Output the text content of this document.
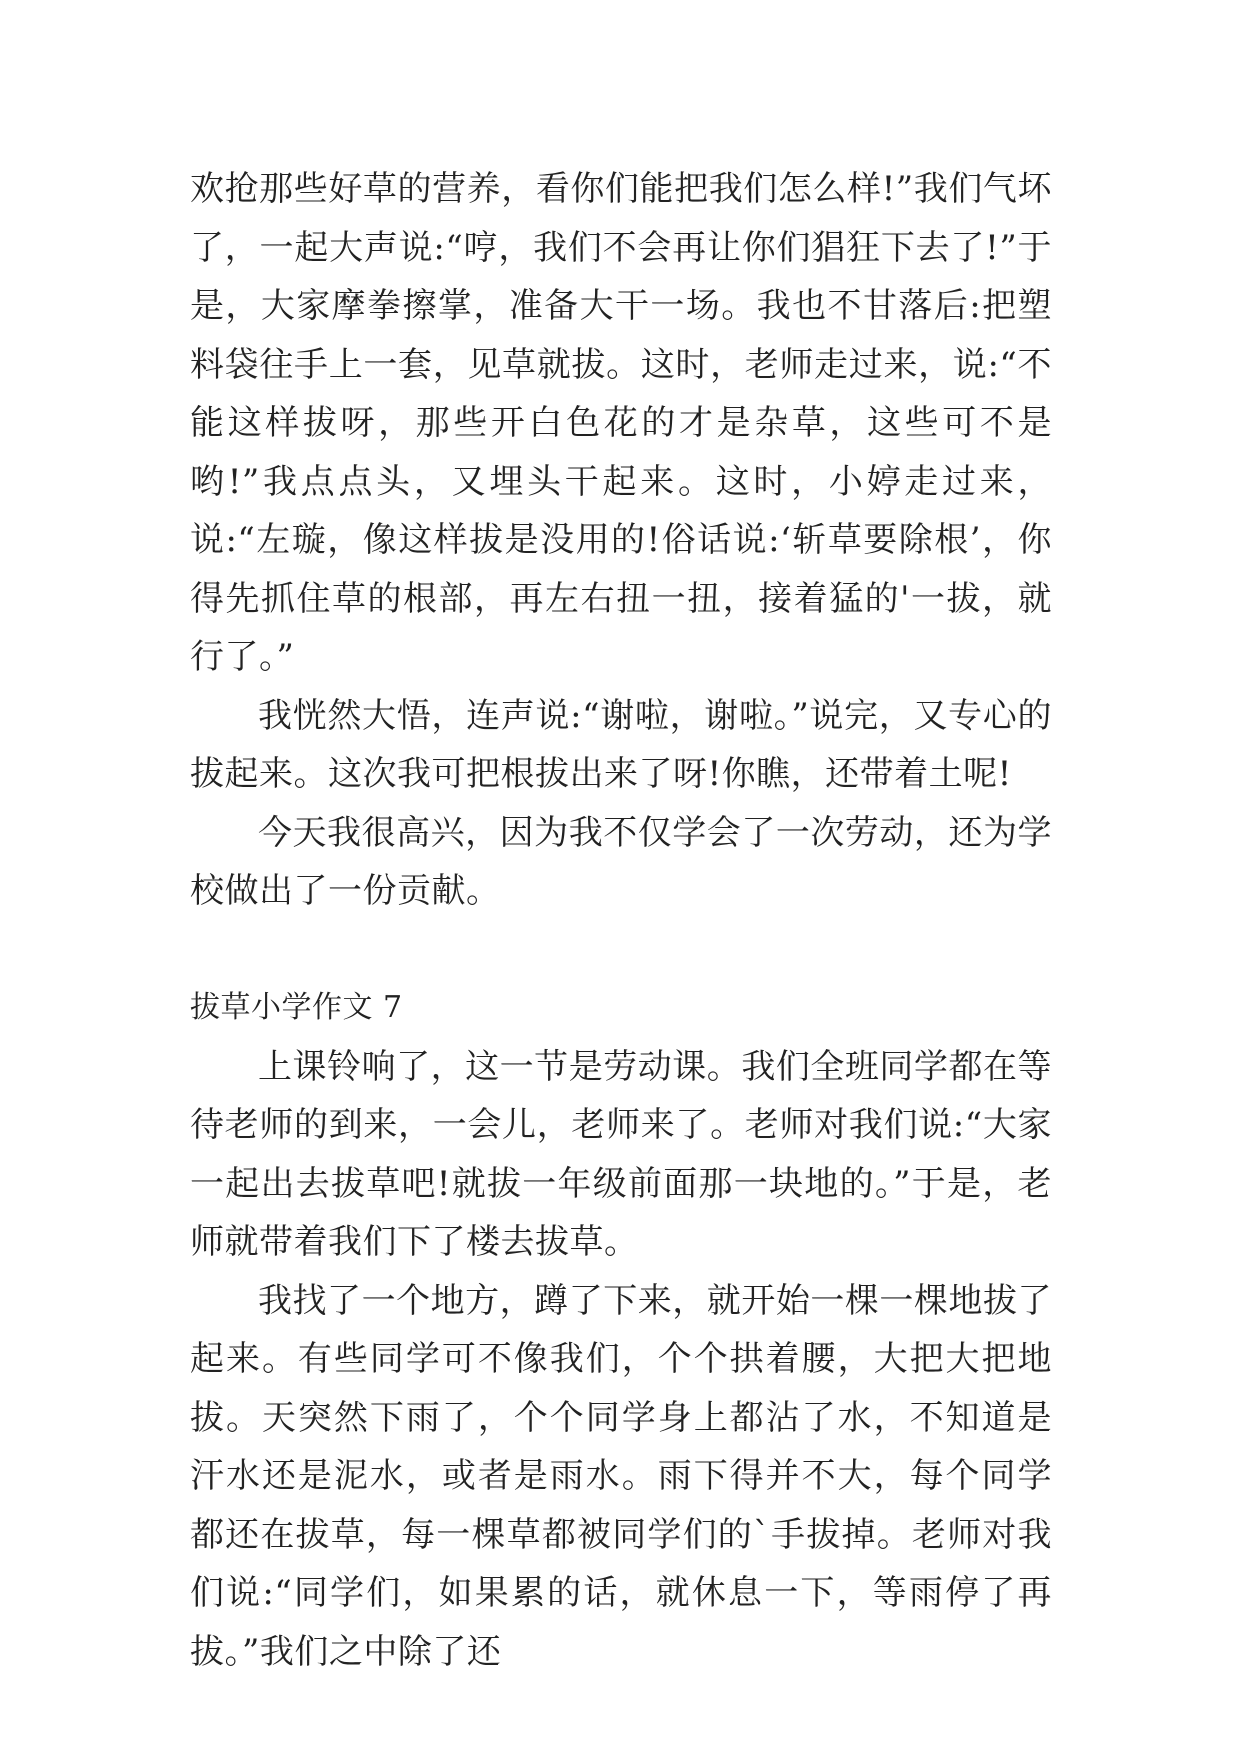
欢抢那些好草的营养，看你们能把我们怎么样!”我们气坏了，一起大声说:“哼，我们不会再让你们猖狂下去了!”于是，大家摩拳擦掌，准备大干一场。我也不甘落后:把塑料袋往手上一套，见草就拔。这时，老师走过来，说:“不能这样拔呀，那些开白色花的才是杂草，这些可不是哟!”我点点头，又埋头干起来。这时，小婷走过来，说:“左璇，像这样拔是没用的!俗话说:‘斩草要除根’，你得先抓住草的根部，再左右扭一扭，接着猛的'一拔，就行了。”

我恍然大悟，连声说:“谢啦，谢啦。”说完，又专心的拔起来。这次我可把根拔出来了呀!你瞧，还带着土呢!

今天我很高兴，因为我不仅学会了一次劳动，还为学校做出了一份贡献。

拔草小学作文 7

上课铃响了，这一节是劳动课。我们全班同学都在等待老师的到来，一会儿，老师来了。老师对我们说:“大家一起出去拔草吧!就拔一年级前面那一块地的。”于是，老师就带着我们下了楼去拔草。

我找了一个地方，蹲了下来，就开始一棵一棵地拔了起来。有些同学可不像我们，个个拱着腰，大把大把地拔。天突然下雨了，个个同学身上都沾了水，不知道是汗水还是泥水，或者是雨水。雨下得并不大，每个同学都还在拔草，每一棵草都被同学们的`手拔掉。老师对我们说:“同学们，如果累的话，就休息一下，等雨停了再拔。”我们之中除了还
